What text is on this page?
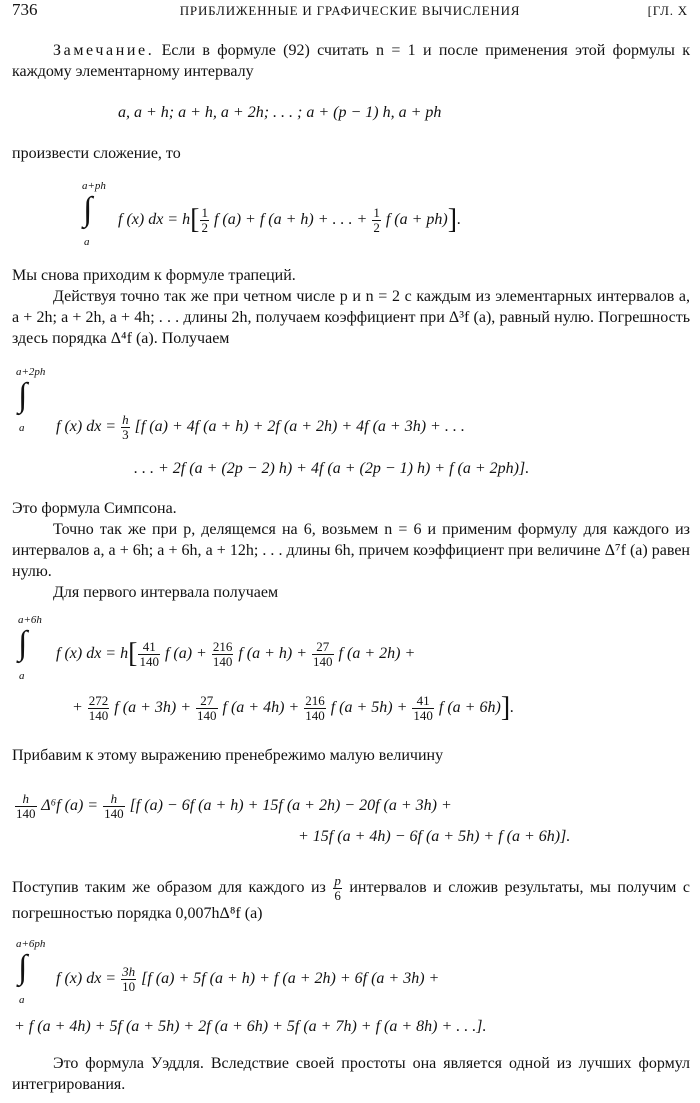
736	ПРИБЛИЖЕННЫЕ И ГРАФИЧЕСКИЕ ВЫЧИСЛЕНИЯ	[ГЛ. X
Замечание. Если в формуле (92) считать n = 1 и после применения этой формулы к каждому элементарному интервалу
a, a + h; a + h, a + 2h; . . . ; a + (p − 1) h, a + ph
произвести сложение, то
a+ph
∫
a
f (x) dx = $h[ \frac{1}{2}$ f (a) + f (a + h) + . . . + $\frac{1}{2}$ f (a + ph)].
Мы снова приходим к формуле трапеций.
Действуя точно так же при четном числе p и n = 2 с каждым из элементарных интервалов a, a + 2h; a + 2h, a + 4h; . . . длины 2h, получаем коэффициент при Δ³f (a), равный нулю. Погрешность здесь порядка Δ⁴f (a). Получаем
a+2ph
∫
a f (x) dx = $\frac{h}{3} [f$ (a) + 4f (a + h) + 2f (a + 2h) + 4f (a + 3h) + . . .
. . . + 2f (a + (2p − 2) h) + 4f (a + (2p − 1) h) + f (a + 2ph)].
Это формула Симпсона.
Точно так же при p, делящемся на 6, возьмем n = 6 и применим формулу для каждого из интервалов a, a + 6h; a + 6h, a + 12h; . . . длины 6h, причем коэффициент при величине Δ⁷f (a) равен нулю.
Для первого интервала получаем
a+6h
∫
a
f (x) dx = $h[ \frac{41}{140}$ f $(a) + \frac{216}{140}$ f $(a + h) + \frac{27}{140}$ f (a + 2h) +
+ $\frac{272}{140}$ f $(a + 3h) + \frac{27}{140}$ f $(a + 4h) + \frac{216}{140}$ f $(a + 5h) + \frac{41}{140}$ f (a + 6h)].
Прибавим к этому выражению пренебрежимо малую величину
$\frac{h}{140} \Delta^6f$ $(a) = \frac{h}{140} [f$ (a) − 6f (a + h) + 15f (a + 2h) − 20f (a + 3h) +
+ 15f (a + 4h) − 6f (a + 5h) + f (a + 6h)].
Поступив таким же образом для каждого из $\frac{p}{6}$ интервалов и сложив результаты, мы получим с погрешностью порядка 0,007hΔ⁸f (a)
a+6ph
∫
a
f (x) dx = $\frac{3h}{10} [f$ (a) + 5f (a + h) + f (a + 2h) + 6f (a + 3h) +
+ f (a + 4h) + 5f (a + 5h) + 2f (a + 6h) + 5f (a + 7h) + f (a + 8h) + . . .].
Это формула Уэддля. Вследствие своей простоты она является одной из лучших формул интегрирования.
